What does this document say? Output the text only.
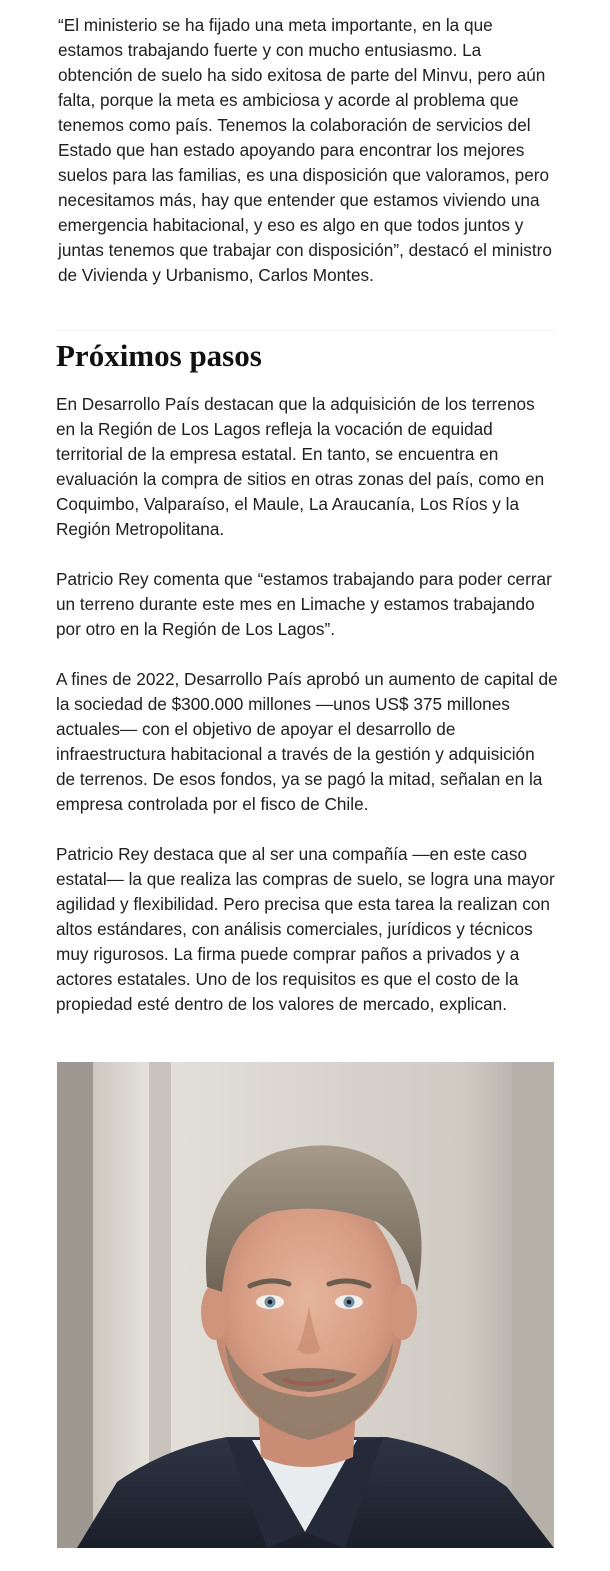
“El ministerio se ha fijado una meta importante, en la que estamos trabajando fuerte y con mucho entusiasmo. La obtención de suelo ha sido exitosa de parte del Minvu, pero aún falta, porque la meta es ambiciosa y acorde al problema que tenemos como país. Tenemos la colaboración de servicios del Estado que han estado apoyando para encontrar los mejores suelos para las familias, es una disposición que valoramos, pero necesitamos más, hay que entender que estamos viviendo una emergencia habitacional, y eso es algo en que todos juntos y juntas tenemos que trabajar con disposición”, destacó el ministro de Vivienda y Urbanismo, Carlos Montes.

Próximos pasos

En Desarrollo País destacan que la adquisición de los terrenos en la Región de Los Lagos refleja la vocación de equidad territorial de la empresa estatal. En tanto, se encuentra en evaluación la compra de sitios en otras zonas del país, como en Coquimbo, Valparaíso, el Maule, La Araucanía, Los Ríos y la Región Metropolitana.

Patricio Rey comenta que “estamos trabajando para poder cerrar un terreno durante este mes en Limache y estamos trabajando por otro en la Región de Los Lagos”.

A fines de 2022, Desarrollo País aprobó un aumento de capital de la sociedad de $300.000 millones —unos US$ 375 millones actuales— con el objetivo de apoyar el desarrollo de infraestructura habitacional a través de la gestión y adquisición de terrenos. De esos fondos, ya se pagó la mitad, señalan en la empresa controlada por el fisco de Chile.

Patricio Rey destaca que al ser una compañía —en este caso estatal— la que realiza las compras de suelo, se logra una mayor agilidad y flexibilidad. Pero precisa que esta tarea la realizan con altos estándares, con análisis comerciales, jurídicos y técnicos muy rigurosos. La firma puede comprar paños a privados y a actores estatales. Uno de los requisitos es que el costo de la propiedad esté dentro de los valores de mercado, explican.
